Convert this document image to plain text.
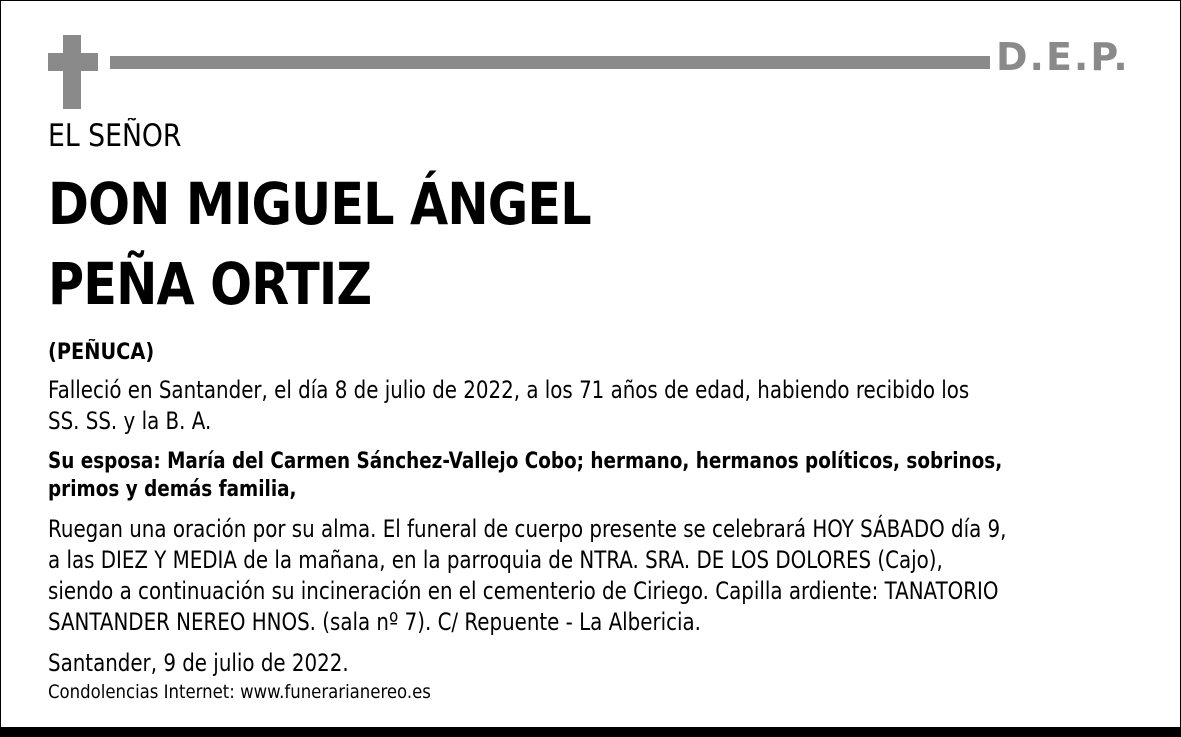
D.E.P.
EL SEÑOR
DON MIGUEL ÁNGEL
PEÑA ORTIZ
(PEÑUCA)
Falleció en Santander, el día 8 de julio de 2022, a los 71 años de edad, habiendo recibido los
SS. SS. y la B. A.
Su esposa: María del Carmen Sánchez-Vallejo Cobo; hermano, hermanos políticos, sobrinos,
primos y demás familia,
Ruegan una oración por su alma. El funeral de cuerpo presente se celebrará HOY SÁBADO día 9,
a las DIEZ Y MEDIA de la mañana, en la parroquia de NTRA. SRA. DE LOS DOLORES (Cajo),
siendo a continuación su incineración en el cementerio de Ciriego. Capilla ardiente: TANATORIO
SANTANDER NEREO HNOS. (sala nº 7). C/ Repuente - La Albericia.
Santander, 9 de julio de 2022.
Condolencias Internet: www.funerarianereo.es
